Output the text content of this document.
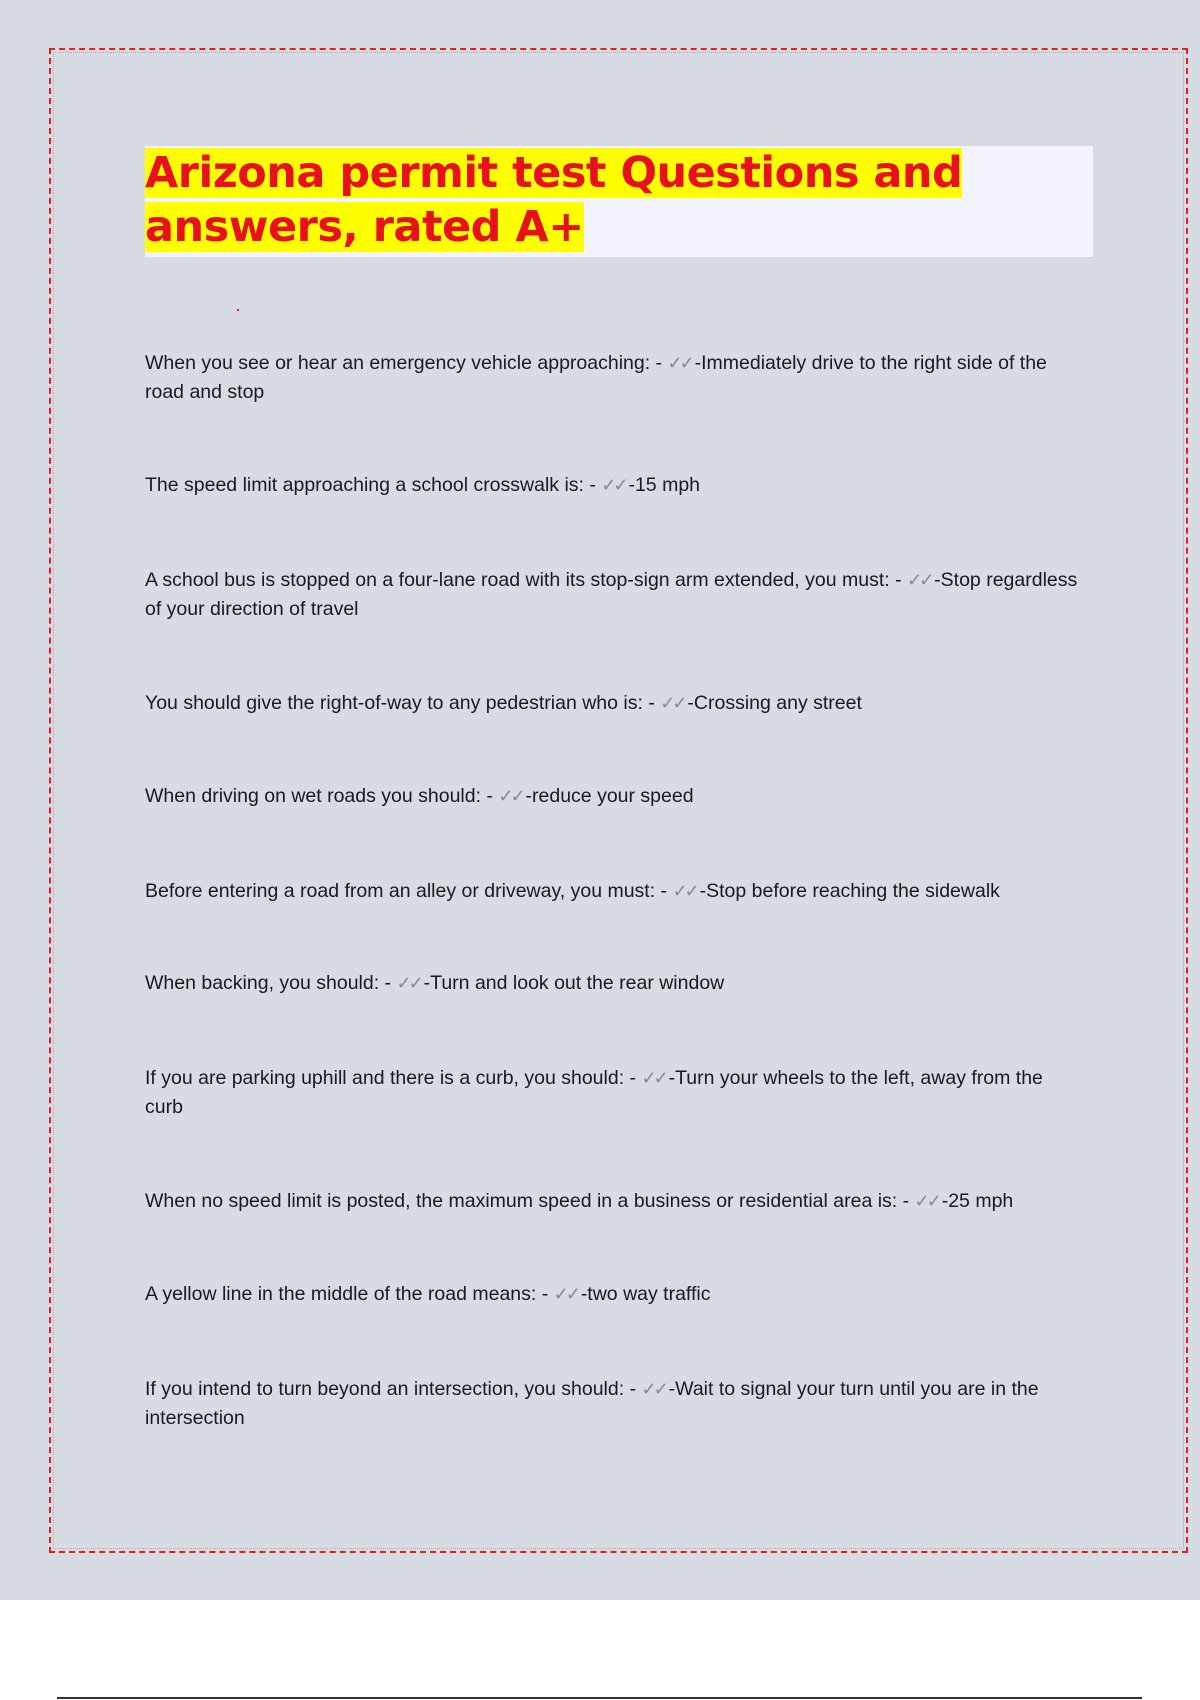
Arizona permit test Questions and answers, rated A+

When you see or hear an emergency vehicle approaching: - ✓✓ -Immediately drive to the right side of the road and stop

The speed limit approaching a school crosswalk is: - ✓✓ -15 mph

A school bus is stopped on a four-lane road with its stop-sign arm extended, you must: - ✓✓ -Stop regardless of your direction of travel

You should give the right-of-way to any pedestrian who is: - ✓✓ -Crossing any street

When driving on wet roads you should: - ✓✓ -reduce your speed

Before entering a road from an alley or driveway, you must: - ✓✓ -Stop before reaching the sidewalk

When backing, you should: - ✓✓ -Turn and look out the rear window

If you are parking uphill and there is a curb, you should: - ✓✓ -Turn your wheels to the left, away from the curb

When no speed limit is posted, the maximum speed in a business or residential area is: - ✓✓ -25 mph

A yellow line in the middle of the road means: - ✓✓ -two way traffic

If you intend to turn beyond an intersection, you should: - ✓✓ -Wait to signal your turn until you are in the intersection
